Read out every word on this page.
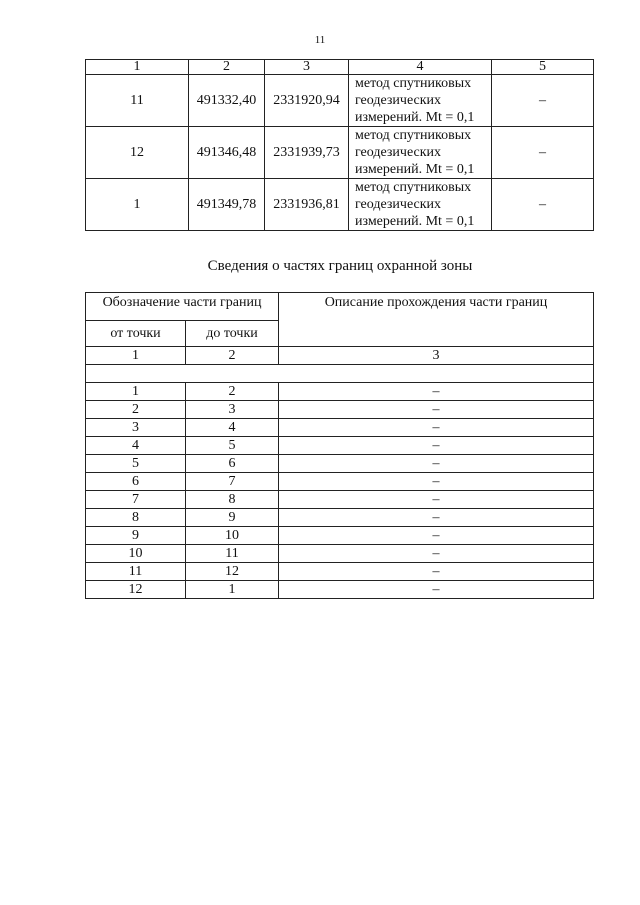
11
1	2	3	4	5
11	491332,40	2331920,94	метод спутниковых
геодезических
измерений. Mt = 0,1	–
12	491346,48	2331939,73	метод спутниковых
геодезических
измерений. Mt = 0,1	–
1	491349,78	2331936,81	метод спутниковых
геодезических
измерений. Mt = 0,1	–
Сведения о частях границ охранной зоны
Обозначение части границ		Описание прохождения части границ
от точки	до точки	
1	2	3

1	2	–
2	3	–
3	4	–
4	5	–
5	6	–
6	7	–
7	8	–
8	9	–
9	10	–
10	11	–
11	12	–
12	1	–
